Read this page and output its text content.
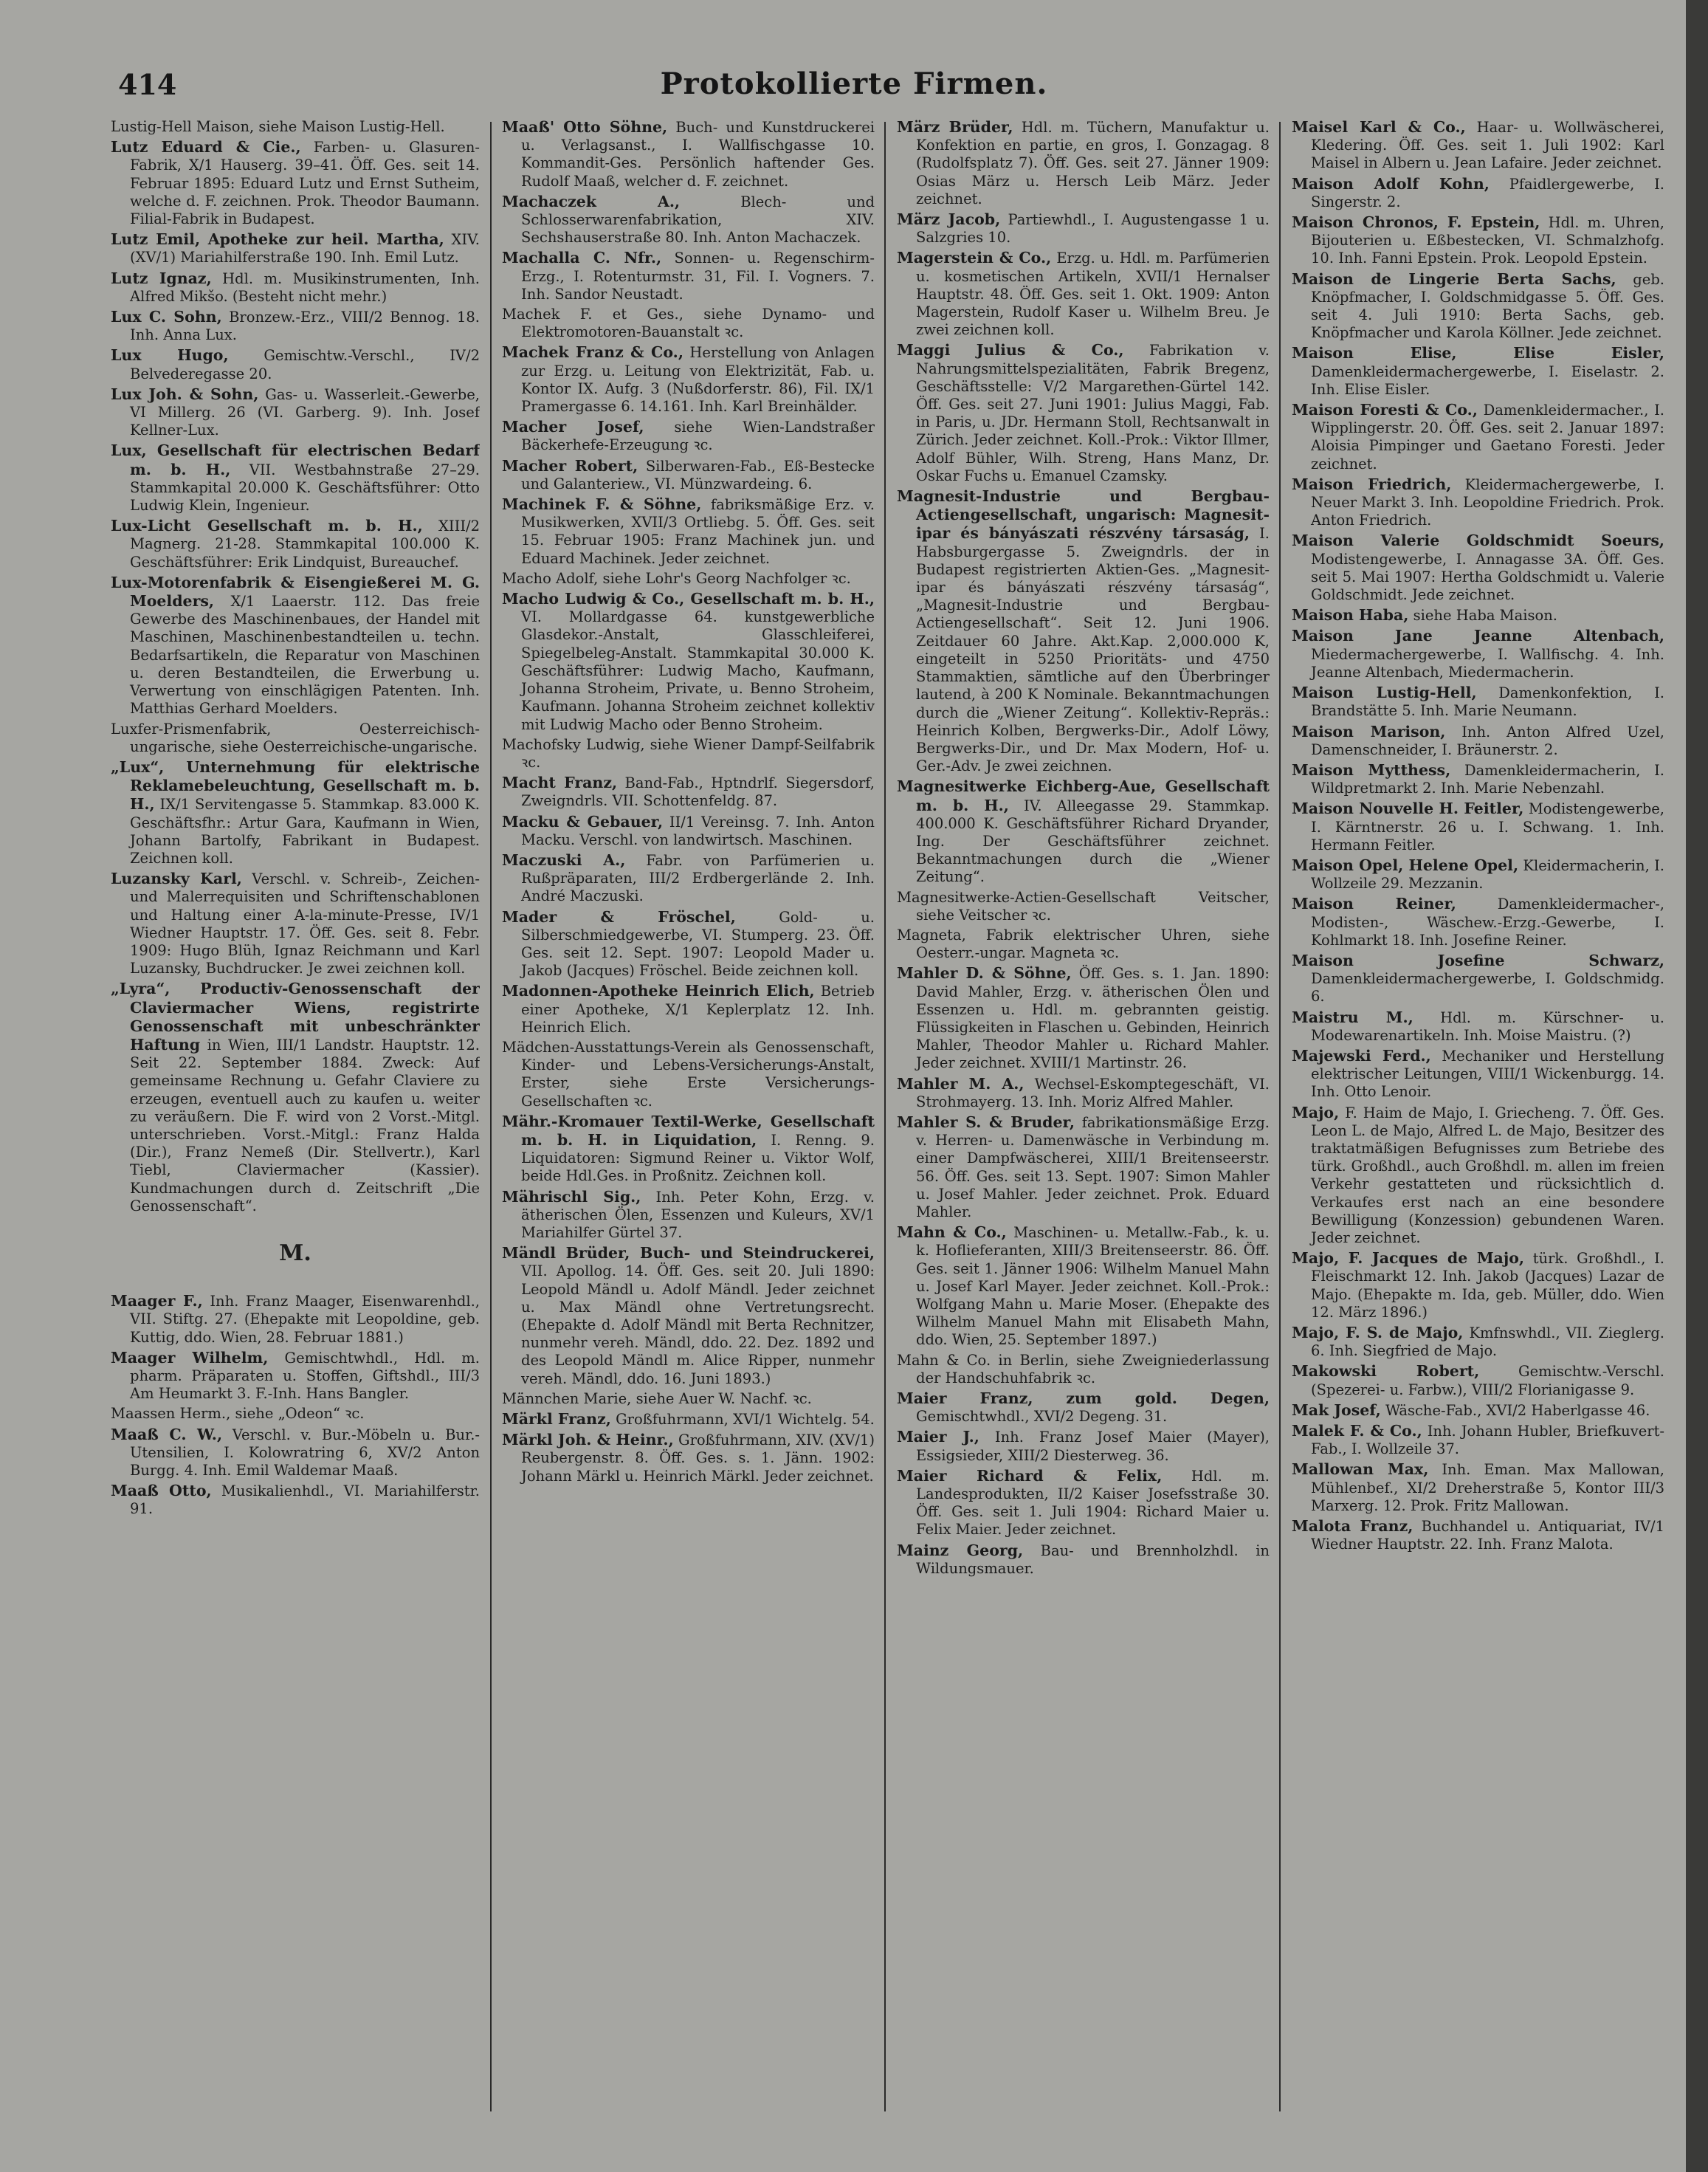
414	Protokollierte Firmen.

Lustig-Hell Maison, siehe Maison Lustig-Hell.

Lutz Eduard & Cie., Farben- u. Glasuren-Fabrik, X/1 Hauserg. 39–41. Öff. Ges. seit 14. Februar 1895: Eduard Lutz und Ernst Sutheim, welche d. F. zeichnen. Prok. Theodor Baumann. Filial-Fabrik in Budapest.

Lutz Emil, Apotheke zur heil. Martha, XIV. (XV/1) Mariahilferstraße 190. Inh. Emil Lutz.

Lutz Ignaz, Hdl. m. Musikinstrumenten, Inh. Alfred Mikšo. (Besteht nicht mehr.)

Lux C. Sohn, Bronzew.-Erz., VIII/2 Bennog. 18. Inh. Anna Lux.

Lux Hugo, Gemischtw.-Verschl., IV/2 Belvederegasse 20.

Lux Joh. & Sohn, Gas- u. Wasserleit.-Gewerbe, VI Millerg. 26 (VI. Garberg. 9). Inh. Josef Kellner-Lux.

Lux, Gesellschaft für electrischen Bedarf m. b. H., VII. Westbahnstraße 27–29. Stammkapital 20.000 K. Geschäftsführer: Otto Ludwig Klein, Ingenieur.

Lux-Licht Gesellschaft m. b. H., XIII/2 Magnerg. 21-28. Stammkapital 100.000 K. Geschäftsführer: Erik Lindquist, Bureauchef.

Lux-Motorenfabrik & Eisengießerei M. G. Moelders, X/1 Laaerstr. 112. Das freie Gewerbe des Maschinenbaues, der Handel mit Maschinen, Maschinenbestandteilen u. techn. Bedarfsartikeln, die Reparatur von Maschinen u. deren Bestandteilen, die Erwerbung u. Verwertung von einschlägigen Patenten. Inh. Matthias Gerhard Moelders.

Luxfer-Prismenfabrik, Oesterreichisch-ungarische, siehe Oesterreichische-ungarische.

„Lux“, Unternehmung für elektrische Reklamebeleuchtung, Gesellschaft m. b. H., IX/1 Servitengasse 5. Stammkap. 83.000 K. Geschäftsfhr.: Artur Gara, Kaufmann in Wien, Johann Bartolfy, Fabrikant in Budapest. Zeichnen koll.

Luzansky Karl, Verschl. v. Schreib-, Zeichen- und Malerrequisiten und Schriftenschablonen und Haltung einer A-la-minute-Presse, IV/1 Wiedner Hauptstr. 17. Öff. Ges. seit 8. Febr. 1909: Hugo Blüh, Ignaz Reichmann und Karl Luzansky, Buchdrucker. Je zwei zeichnen koll.

„Lyra“, Productiv-Genossenschaft der Claviermacher Wiens, registrirte Genossenschaft mit unbeschränkter Haftung in Wien, III/1 Landstr. Hauptstr. 12. Seit 22. September 1884. Zweck: Auf gemeinsame Rechnung u. Gefahr Claviere zu erzeugen, eventuell auch zu kaufen u. weiter zu veräußern. Die F. wird von 2 Vorst.-Mitgl. unterschrieben. Vorst.-Mitgl.: Franz Halda (Dir.), Franz Nemeß (Dir. Stellvertr.), Karl Tiebl, Claviermacher (Kassier). Kundmachungen durch d. Zeitschrift „Die Genossenschaft“.

M.

Maager F., Inh. Franz Maager, Eisenwarenhdl., VII. Stiftg. 27. (Ehepakte mit Leopoldine, geb. Kuttig, ddo. Wien, 28. Februar 1881.)

Maager Wilhelm, Gemischtwhdl., Hdl. m. pharm. Präparaten u. Stoffen, Giftshdl., III/3 Am Heumarkt 3. F.-Inh. Hans Bangler.

Maassen Herm., siehe „Odeon“ ꝛc.

Maaß C. W., Verschl. v. Bur.-Möbeln u. Bur.-Utensilien, I. Kolowratring 6, XV/2 Anton Burgg. 4. Inh. Emil Waldemar Maaß.

Maaß Otto, Musikalienhdl., VI. Mariahilferstr. 91.

Maaß' Otto Söhne, Buch- und Kunstdruckerei u. Verlagsanst., I. Wallfischgasse 10. Kommandit-Ges. Persönlich haftender Ges. Rudolf Maaß, welcher d. F. zeichnet.

Machaczek A.,	Blech- und Schlosserwarenfabrikation, XIV. Sechshauserstraße 80. Inh. Anton Machaczek.

Machalla C. Nfr., Sonnen- u. Regenschirm-Erzg., I. Rotenturmstr. 31, Fil. I. Vogners. 7. Inh. Sandor Neustadt.

Machek F. et Ges., siehe Dynamo- und Elektromotoren-Bauanstalt ꝛc.

Machek Franz & Co., Herstellung von Anlagen zur Erzg. u. Leitung von Elektrizität, Fab. u. Kontor IX. Aufg. 3 (Nußdorferstr. 86), Fil. IX/1 Pramergasse 6. 14.161. Inh. Karl Breinhälder.

Macher Josef, siehe Wien-Landstraßer Bäckerhefe-Erzeugung ꝛc.

Macher Robert, Silberwaren-Fab., Eß-Bestecke und Galanteriew., VI. Münzwardeing. 6.

Machinek F. & Söhne, fabriksmäßige Erz. v. Musikwerken, XVII/3 Ortliebg. 5. Öff. Ges. seit 15. Februar 1905: Franz Machinek jun. und Eduard Machinek. Jeder zeichnet.

Macho Adolf, siehe Lohr's Georg Nachfolger ꝛc.

Macho Ludwig & Co., Gesellschaft m. b. H., VI. Mollardgasse 64. kunstgewerbliche Glasdekor.-Anstalt, Glasschleiferei, Spiegelbeleg-Anstalt. Stammkapital 30.000 K. Geschäftsführer: Ludwig Macho, Kaufmann, Johanna Stroheim, Private, u. Benno Stroheim, Kaufmann. Johanna Stroheim zeichnet kollektiv mit Ludwig Macho oder Benno Stroheim.

Machofsky Ludwig, siehe Wiener Dampf-Seilfabrik ꝛc.

Macht Franz, Band-Fab., Hptndrlf. Siegersdorf, Zweigndrls. VII. Schottenfeldg. 87.

Macku & Gebauer, II/1 Vereinsg. 7. Inh. Anton Macku. Verschl. von landwirtsch. Maschinen.

Maczuski A., Fabr. von Parfümerien u. Rußpräparaten, III/2 Erdbergerlände 2. Inh. André Maczuski.

Mader & Fröschel,	Gold- u. Silberschmiedgewerbe, VI. Stumperg. 23. Öff. Ges. seit 12. Sept. 1907: Leopold Mader u. Jakob (Jacques) Fröschel. Beide zeichnen koll.

Madonnen-Apotheke Heinrich Elich, Betrieb einer Apotheke, X/1 Keplerplatz 12. Inh. Heinrich Elich.

Mädchen-Ausstattungs-Verein als Genossenschaft, Kinder- und Lebens-Versicherungs-Anstalt, Erster, siehe Erste Versicherungs-Gesellschaften ꝛc.

Mähr.-Kromauer Textil-Werke, Gesellschaft m. b. H. in Liquidation, I. Renng. 9. Liquidatoren: Sigmund Reiner u. Viktor Wolf, beide Hdl.Ges. in Proßnitz. Zeichnen koll.

Mährischl Sig., Inh. Peter Kohn, Erzg. v. ätherischen Ölen, Essenzen und Kuleurs, XV/1 Mariahilfer Gürtel 37.

Mändl Brüder, Buch- und Steindruckerei, VII. Apollog. 14. Öff. Ges. seit 20. Juli 1890: Leopold Mändl u. Adolf Mändl. Jeder zeichnet u. Max Mändl ohne Vertretungsrecht. (Ehepakte d. Adolf Mändl mit Berta Rechnitzer, nunmehr vereh. Mändl, ddo. 22. Dez. 1892 und des Leopold Mändl m. Alice Ripper, nunmehr vereh. Mändl, ddo. 16. Juni 1893.)

Männchen Marie, siehe Auer W. Nachf. ꝛc.

Märkl Franz, Großfuhrmann, XVI/1 Wichtelg. 54.

Märkl Joh. & Heinr., Großfuhrmann, XIV. (XV/1) Reubergenstr. 8. Öff. Ges. s. 1. Jänn. 1902: Johann Märkl u. Heinrich Märkl. Jeder zeichnet.

März Brüder, Hdl. m. Tüchern, Manufaktur u. Konfektion en partie, en gros, I. Gonzagag. 8 (Rudolfsplatz 7). Öff. Ges. seit 27. Jänner 1909: Osias März u. Hersch Leib März. Jeder zeichnet.

März Jacob, Partiewhdl., I. Augustengasse 1 u. Salzgries 10.

Magerstein & Co., Erzg. u. Hdl. m. Parfümerien u. kosmetischen Artikeln, XVII/1 Hernalser Hauptstr. 48. Öff. Ges. seit 1. Okt. 1909: Anton Magerstein, Rudolf Kaser u. Wilhelm Breu. Je zwei zeichnen koll.

Maggi Julius & Co., Fabrikation v. Nahrungsmittelspezialitäten, Fabrik Bregenz, Geschäftsstelle: V/2 Margarethen-Gürtel 142. Öff. Ges. seit 27. Juni 1901: Julius Maggi, Fab. in Paris, u. JDr. Hermann Stoll, Rechtsanwalt in Zürich. Jeder zeichnet. Koll.-Prok.: Viktor Illmer, Adolf Bühler, Wilh. Streng, Hans Manz, Dr. Oskar Fuchs u. Emanuel Czamsky.

Magnesit-Industrie und Bergbau-Actiengesellschaft, ungarisch: Magnesit-ipar és bányászati részvény társaság, I. Habsburgergasse 5. Zweigndrls. der in Budapest registrierten Aktien-Ges. „Magnesit-ipar és bányászati részvény társaság“, „Magnesit-Industrie und Bergbau-Actiengesellschaft“. Seit 12. Juni 1906. Zeitdauer 60 Jahre. Akt.Kap. 2,000.000 K, eingeteilt in 5250 Prioritäts- und 4750 Stammaktien, sämtliche auf den Überbringer lautend, à 200 K Nominale. Bekanntmachungen durch die „Wiener Zeitung“. Kollektiv-Repräs.: Heinrich Kolben, Bergwerks-Dir., Adolf Löwy, Bergwerks-Dir., und Dr. Max Modern, Hof- u. Ger.-Adv. Je zwei zeichnen.

Magnesitwerke Eichberg-Aue, Gesellschaft m. b. H., IV. Alleegasse 29. Stammkap. 400.000 K. Geschäftsführer Richard Dryander, Ing. Der Geschäftsführer zeichnet. Bekanntmachungen durch die „Wiener Zeitung“.

Magnesitwerke-Actien-Gesellschaft Veitscher, siehe Veitscher ꝛc.

Magneta, Fabrik elektrischer Uhren, siehe Oesterr.-ungar. Magneta ꝛc.

Mahler D. & Söhne, Öff. Ges. s. 1. Jan. 1890: David Mahler, Erzg. v. ätherischen Ölen und Essenzen u. Hdl. m. gebrannten geistig. Flüssigkeiten in Flaschen u. Gebinden, Heinrich Mahler, Theodor Mahler u. Richard Mahler. Jeder zeichnet. XVIII/1 Martinstr. 26.

Mahler M. A., Wechsel-Eskomptegeschäft, VI. Strohmayerg. 13. Inh. Moriz Alfred Mahler.

Mahler S. & Bruder, fabrikationsmäßige Erzg. v. Herren- u. Damenwäsche in Verbindung m. einer Dampfwäscherei, XIII/1 Breitenseerstr. 56. Öff. Ges. seit 13. Sept. 1907: Simon Mahler u. Josef Mahler. Jeder zeichnet. Prok. Eduard Mahler.

Mahn & Co., Maschinen- u. Metallw.-Fab., k. u. k. Hoflieferanten, XIII/3 Breitenseerstr. 86. Öff. Ges. seit 1. Jänner 1906: Wilhelm Manuel Mahn u. Josef Karl Mayer. Jeder zeichnet. Koll.-Prok.: Wolfgang Mahn u. Marie Moser. (Ehepakte des Wilhelm Manuel Mahn mit Elisabeth Mahn, ddo. Wien, 25. September 1897.)

Mahn & Co. in Berlin, siehe Zweigniederlassung der Handschuhfabrik ꝛc.

Maier Franz, zum gold. Degen, Gemischtwhdl., XVI/2 Degeng. 31.

Maier J., Inh. Franz Josef Maier (Mayer), Essigsieder, XIII/2 Diesterweg. 36.

Maier Richard & Felix, Hdl. m. Landesprodukten, II/2 Kaiser Josefsstraße 30. Öff. Ges. seit 1. Juli 1904: Richard Maier u. Felix Maier. Jeder zeichnet.

Mainz Georg, Bau- und Brennholzhdl. in Wildungsmauer.

Maisel Karl & Co., Haar- u. Wollwäscherei, Kledering. Öff. Ges. seit 1. Juli 1902: Karl Maisel in Albern u. Jean Lafaire. Jeder zeichnet.

Maison Adolf Kohn, Pfaidlergewerbe, I. Singerstr. 2.

Maison Chronos, F. Epstein, Hdl. m. Uhren, Bijouterien u. Eßbestecken, VI. Schmalzhofg. 10. Inh. Fanni Epstein. Prok. Leopold Epstein.

Maison de Lingerie Berta Sachs, geb. Knöpfmacher, I. Goldschmidgasse 5. Öff. Ges. seit 4. Juli 1910: Berta Sachs, geb. Knöpfmacher und Karola Köllner. Jede zeichnet.

Maison Elise, Elise Eisler, Damenkleidermachergewerbe, I. Eiselastr. 2. Inh. Elise Eisler.

Maison Foresti & Co., Damenkleidermacher., I. Wipplingerstr. 20. Öff. Ges. seit 2. Januar 1897: Aloisia Pimpinger und Gaetano Foresti. Jeder zeichnet.

Maison Friedrich, Kleidermachergewerbe, I. Neuer Markt 3. Inh. Leopoldine Friedrich. Prok. Anton Friedrich.

Maison Valerie Goldschmidt Soeurs, Modistengewerbe, I. Annagasse 3A. Öff. Ges. seit 5. Mai 1907: Hertha Goldschmidt u. Valerie Goldschmidt. Jede zeichnet.

Maison Haba, siehe Haba Maison.

Maison Jane Jeanne Altenbach, Miedermachergewerbe, I. Wallfischg. 4. Inh. Jeanne Altenbach, Miedermacherin.

Maison Lustig-Hell, Damenkonfektion, I. Brandstätte 5. Inh. Marie Neumann.

Maison Marison, Inh. Anton Alfred Uzel, Damenschneider, I. Bräunerstr. 2.

Maison Mytthess, Damenkleidermacherin, I. Wildpretmarkt 2. Inh. Marie Nebenzahl.

Maison Nouvelle H. Feitler, Modistengewerbe, I. Kärntnerstr. 26 u. I. Schwang. 1. Inh. Hermann Feitler.

Maison Opel, Helene Opel, Kleidermacherin, I. Wollzeile 29. Mezzanin.

Maison Reiner,	Damenkleidermacher-, Modisten-, Wäschew.-Erzg.-Gewerbe, I. Kohlmarkt 18. Inh. Josefine Reiner.

Maison Josefine Schwarz, Damenkleidermachergewerbe, I. Goldschmidg. 6.

Maistru M., Hdl. m. Kürschner- u. Modewarenartikeln. Inh. Moise Maistru. (?)

Majewski Ferd., Mechaniker und Herstellung elektrischer Leitungen, VIII/1 Wickenburgg. 14. Inh. Otto Lenoir.

Majo, F. Haim de Majo, I. Griecheng. 7. Öff. Ges. Leon L. de Majo, Alfred L. de Majo, Besitzer des traktatmäßigen Befugnisses zum Betriebe des türk. Großhdl., auch Großhdl. m. allen im freien Verkehr gestatteten und rücksichtlich d. Verkaufes erst nach an eine besondere Bewilligung (Konzession) gebundenen Waren. Jeder zeichnet.

Majo, F. Jacques de Majo, türk. Großhdl., I. Fleischmarkt 12. Inh. Jakob (Jacques) Lazar de Majo. (Ehepakte m. Ida, geb. Müller, ddo. Wien 12. März 1896.)

Majo, F. S. de Majo, Kmfnswhdl., VII. Zieglerg. 6. Inh. Siegfried de Majo.

Makowski Robert,	Gemischtw.-Verschl. (Spezerei- u. Farbw.), VIII/2 Florianigasse 9.

Mak Josef, Wäsche-Fab., XVI/2 Haberlgasse 46.

Malek F. & Co., Inh. Johann Hubler, Briefkuvert-Fab., I. Wollzeile 37.

Mallowan Max, Inh. Eman. Max Mallowan, Mühlenbef., XI/2 Dreherstraße 5, Kontor III/3 Marxerg. 12. Prok. Fritz Mallowan.

Malota Franz, Buchhandel u. Antiquariat, IV/1 Wiedner Hauptstr. 22. Inh. Franz Malota.
